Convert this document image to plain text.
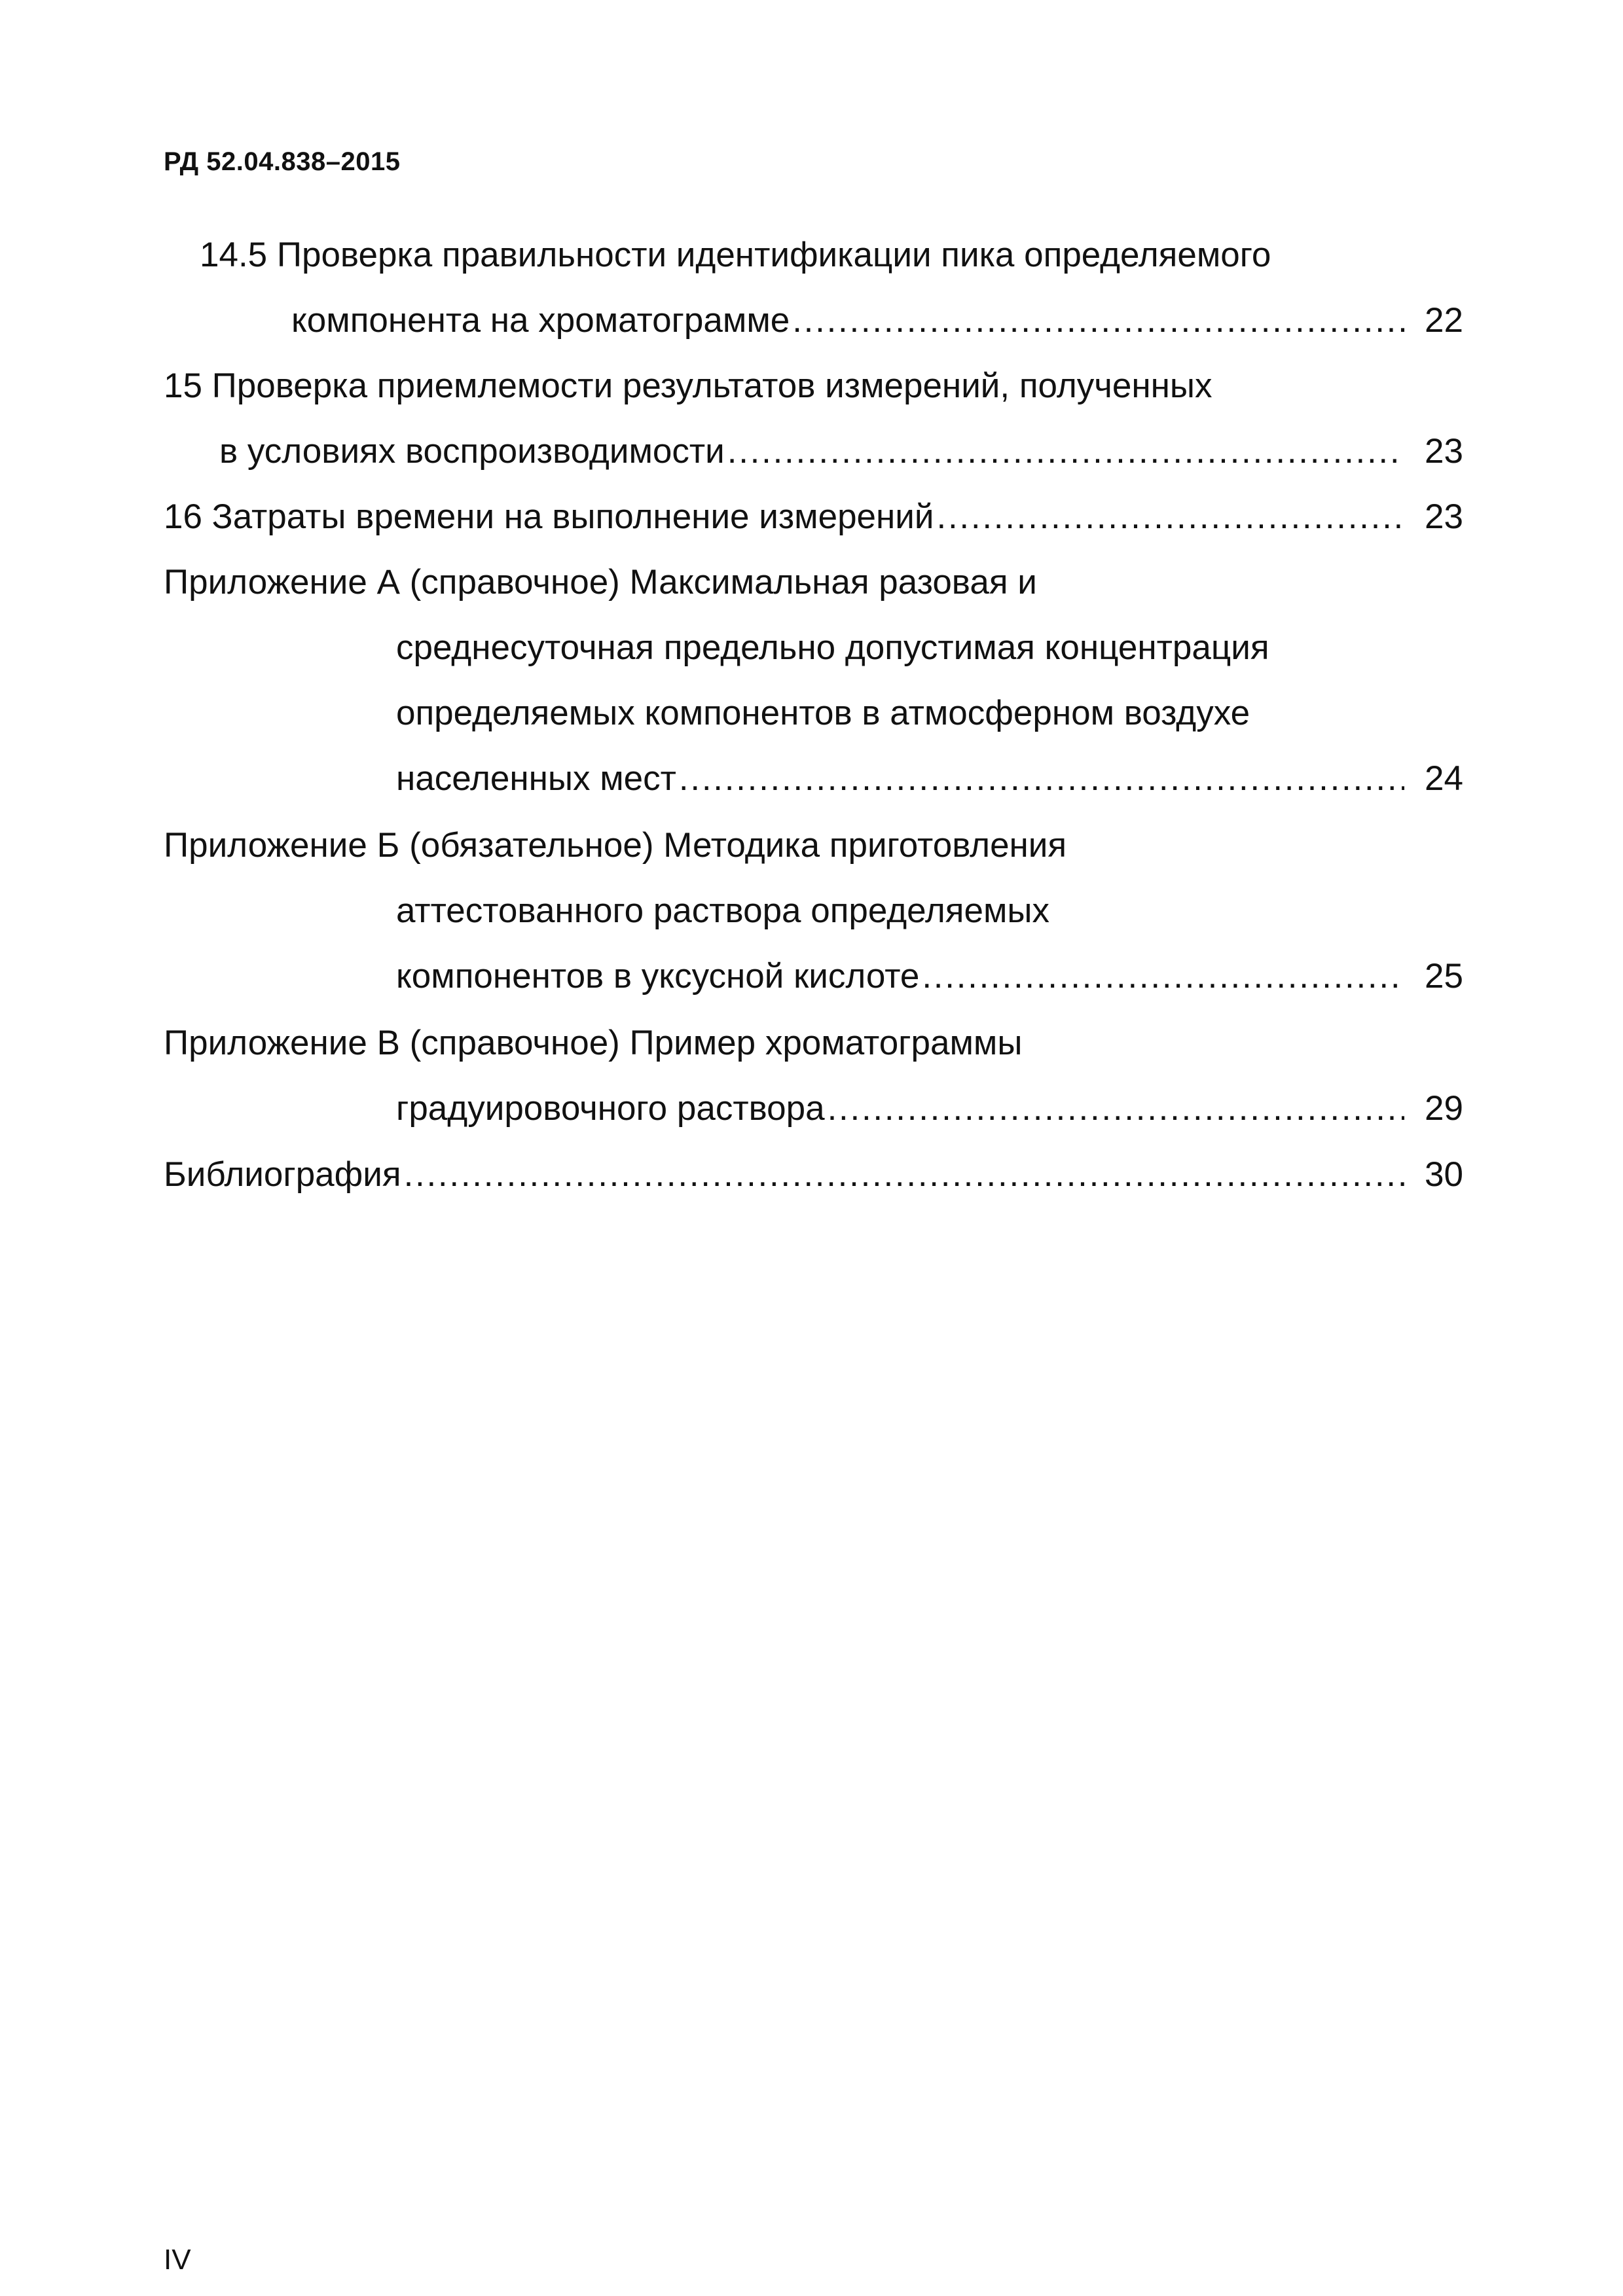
РД 52.04.838–2015
14.5 Проверка правильности идентификации пика определяемого
компонента на хроматограмме . . .	22
15 Проверка приемлемости результатов измерений, полученных
в условиях воспроизводимости . . .	23
16 Затраты времени на выполнение измерений . . .	23
Приложение А (справочное) Максимальная разовая и
среднесуточная предельно допустимая концентрация
определяемых компонентов в атмосферном воздухе
населенных мест . . .	24
Приложение Б (обязательное) Методика приготовления
аттестованного раствора определяемых
компонентов в уксусной кислоте . . .	25
Приложение В (справочное) Пример хроматограммы
градуировочного раствора . . .	29
Библиография . . .	30
IV
